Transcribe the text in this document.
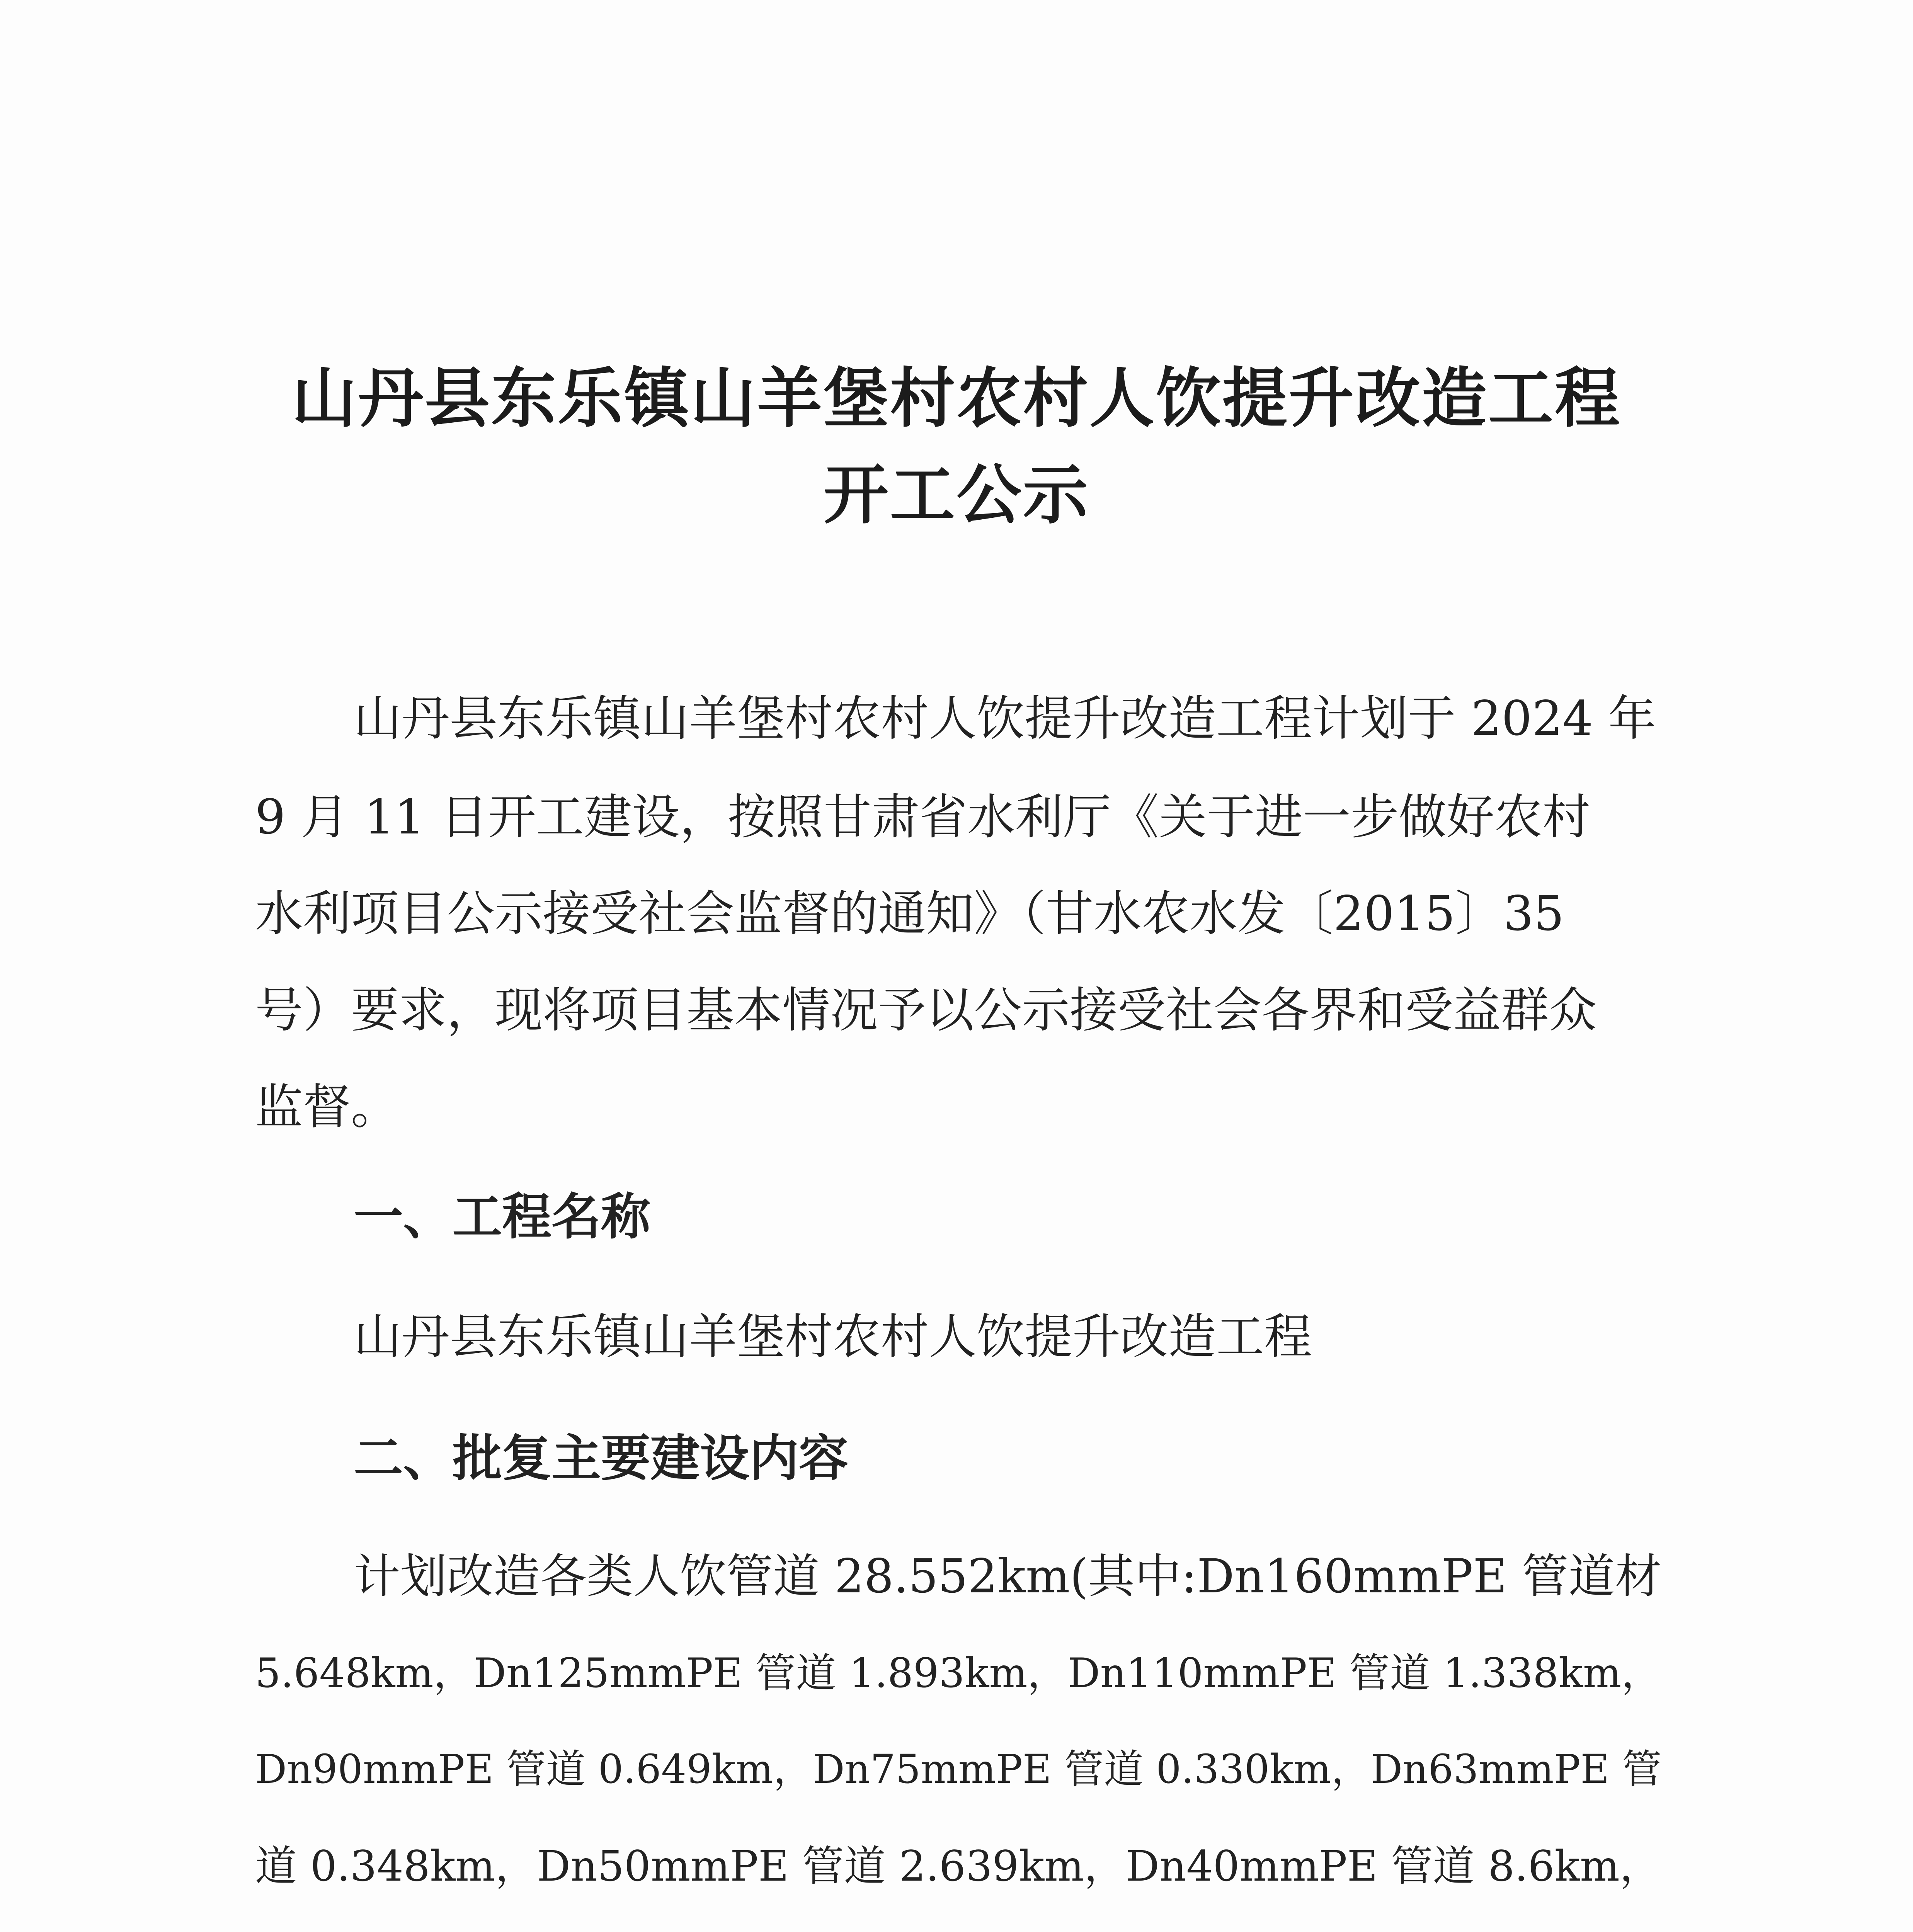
山丹县东乐镇山羊堡村农村人饮提升改造工程
开工公示
山丹县东乐镇山羊堡村农村人饮提升改造工程计划于 2024 年
9 月 11 日开工建设，按照甘肃省水利厅《关于进一步做好农村
水利项目公示接受社会监督的通知》（甘水农水发〔2015〕35
号）要求，现将项目基本情况予以公示接受社会各界和受益群众
监督。
一、工程名称
山丹县东乐镇山羊堡村农村人饮提升改造工程
二、批复主要建设内容
计划改造各类人饮管道 28.552km(其中:Dn160mmPE 管道材
5.648km，Dn125mmPE 管道 1.893km，Dn110mmPE 管道 1.338km，
Dn90mmPE 管道 0.649km，Dn75mmPE 管道 0.330km，Dn63mmPE 管
道 0.348km，Dn50mmPE 管道 2.639km，Dn40mmPE 管道 8.6km，
